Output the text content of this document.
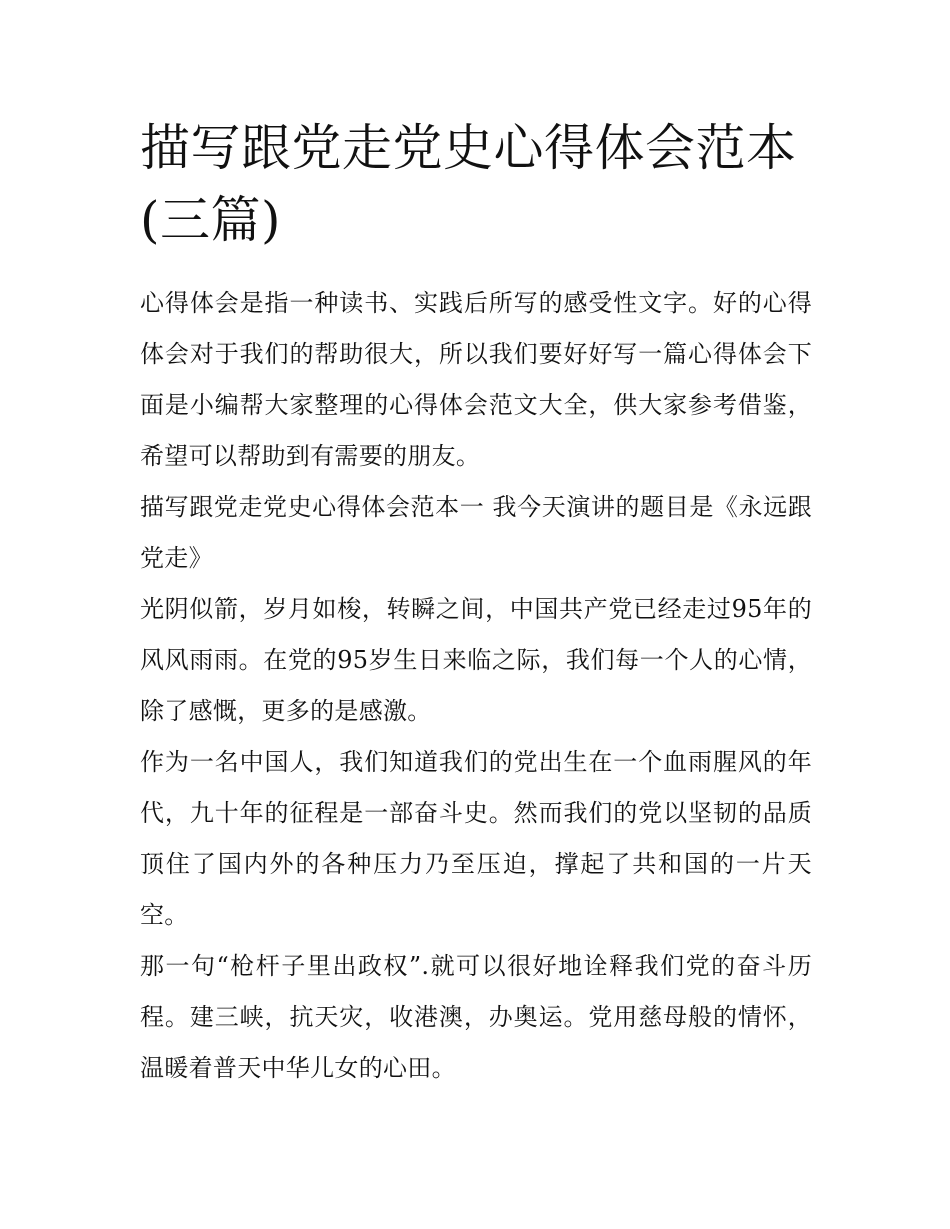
描写跟党走党史心得体会范本(三篇)

心得体会是指一种读书、实践后所写的感受性文字。好的心得体会对于我们的帮助很大，所以我们要好好写一篇心得体会下面是小编帮大家整理的心得体会范文大全，供大家参考借鉴，希望可以帮助到有需要的朋友。

描写跟党走党史心得体会范本一 我今天演讲的题目是《永远跟党走》

光阴似箭，岁月如梭，转瞬之间，中国共产党已经走过95年的风风雨雨。在党的95岁生日来临之际，我们每一个人的心情，除了感慨，更多的是感激。

作为一名中国人，我们知道我们的党出生在一个血雨腥风的年代，九十年的征程是一部奋斗史。然而我们的党以坚韧的品质顶住了国内外的各种压力乃至压迫，撑起了共和国的一片天空。

那一句“枪杆子里出政权”.就可以很好地诠释我们党的奋斗历程。建三峡，抗天灾，收港澳，办奥运。党用慈母般的情怀，温暖着普天中华儿女的心田。
